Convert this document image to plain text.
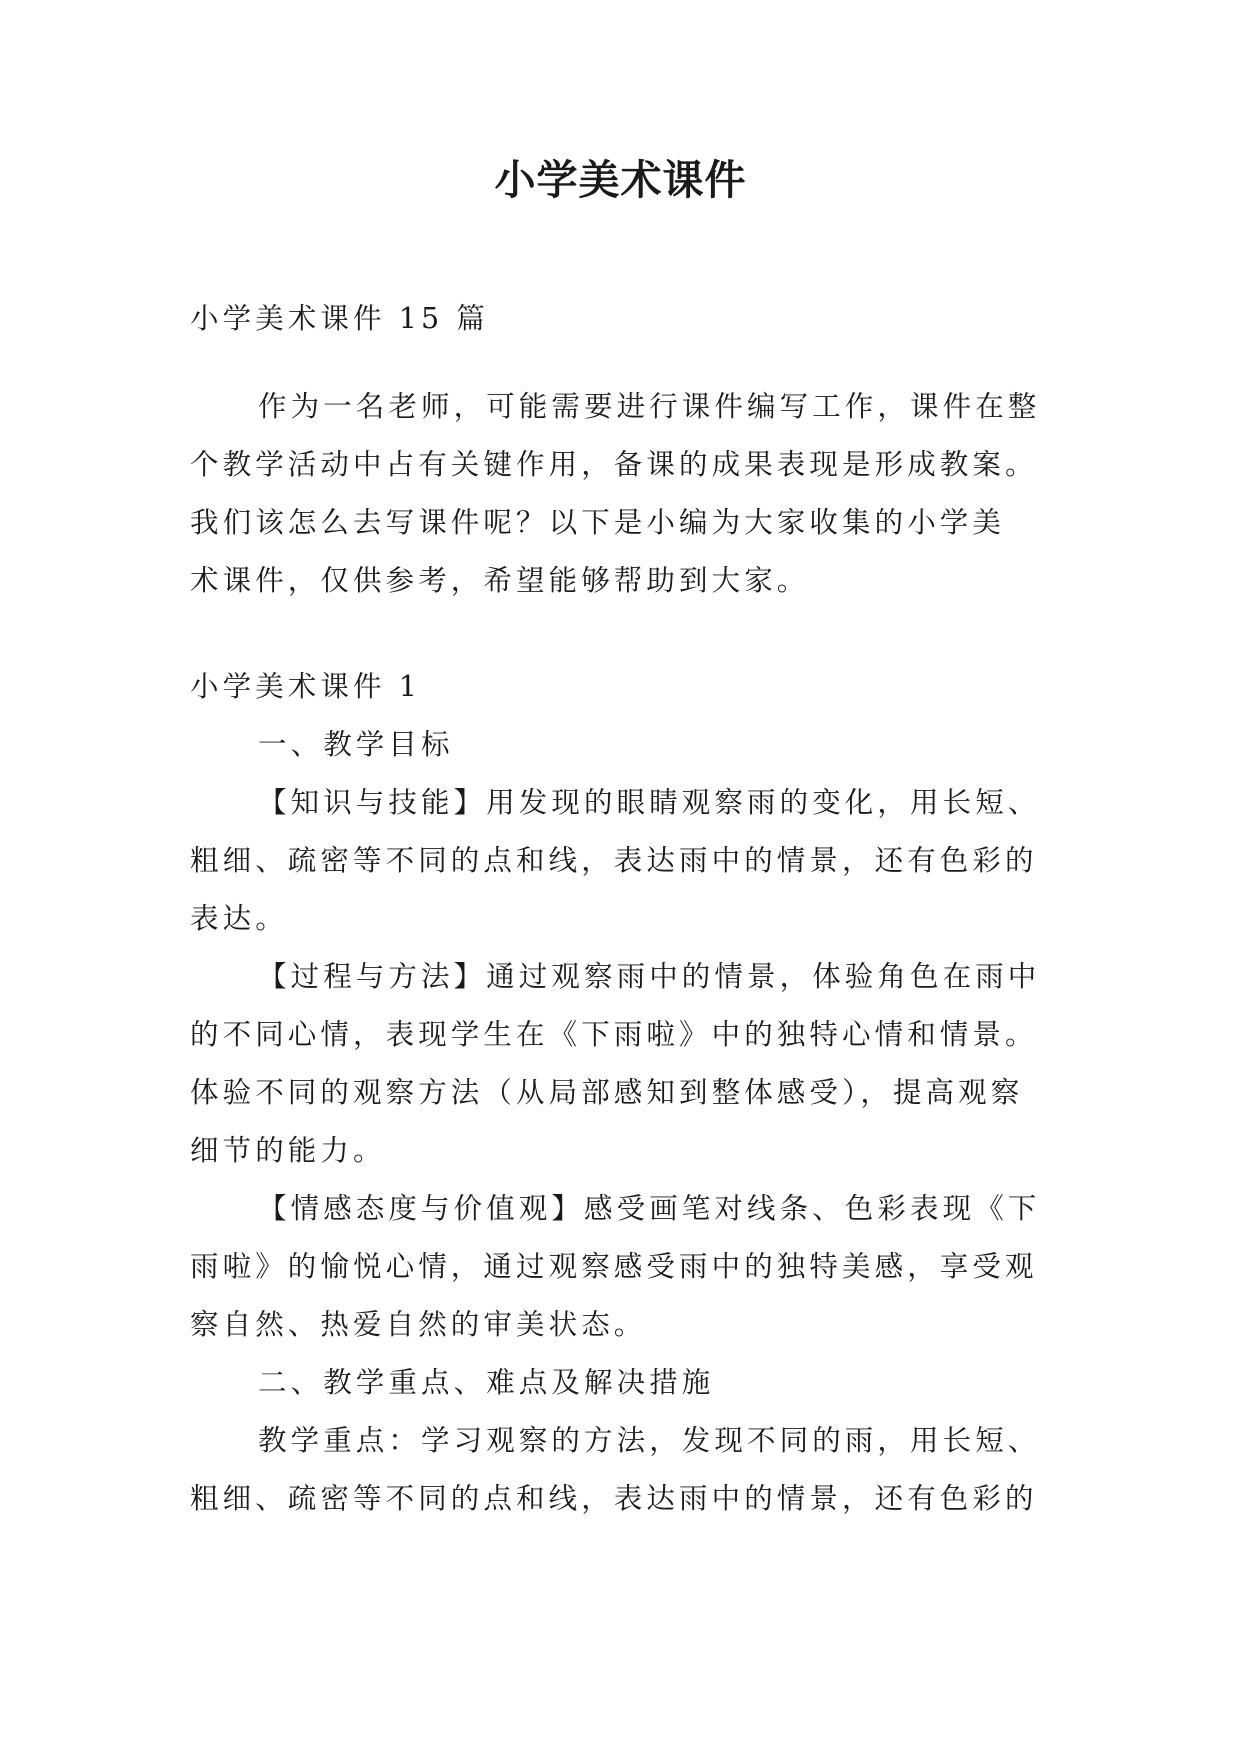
小学美术课件

小学美术课件 15 篇

作为一名老师，可能需要进行课件编写工作，课件在整

个教学活动中占有关键作用，备课的成果表现是形成教案。

我们该怎么去写课件呢？以下是小编为大家收集的小学美

术课件，仅供参考，希望能够帮助到大家。

小学美术课件 1

一、教学目标

【知识与技能】用发现的眼睛观察雨的变化，用长短、

粗细、疏密等不同的点和线，表达雨中的情景，还有色彩的

表达。

【过程与方法】通过观察雨中的情景，体验角色在雨中

的不同心情，表现学生在《下雨啦》中的独特心情和情景。

体验不同的观察方法（从局部感知到整体感受），提高观察

细节的能力。

【情感态度与价值观】感受画笔对线条、色彩表现《下

雨啦》的愉悦心情，通过观察感受雨中的独特美感，享受观

察自然、热爱自然的审美状态。

二、教学重点、难点及解决措施

教学重点：学习观察的方法，发现不同的雨，用长短、

粗细、疏密等不同的点和线，表达雨中的情景，还有色彩的
